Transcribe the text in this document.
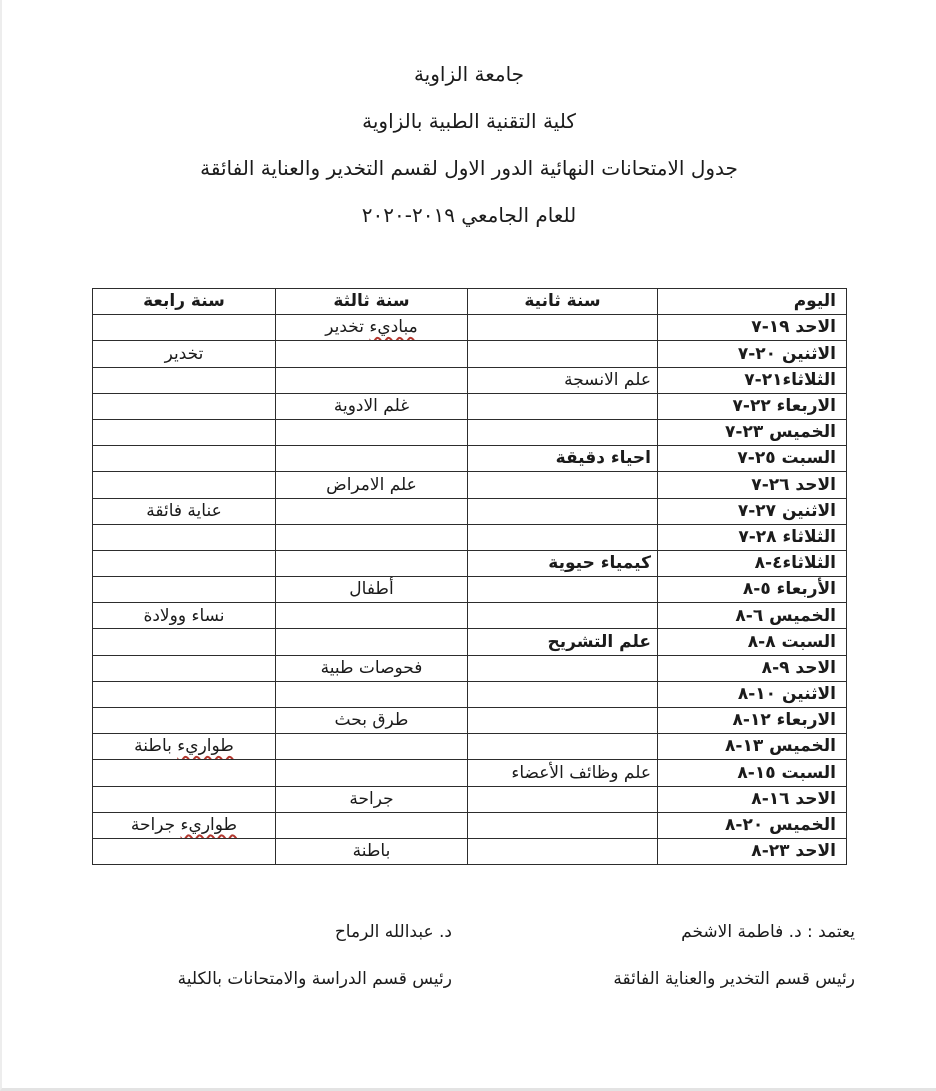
جامعة الزاوية
كلية التقنية الطبية بالزاوية
جدول الامتحانات النهائية الدور الاول لقسم التخدير والعناية الفائقة
للعام الجامعي ٢٠١٩-٢٠٢٠
اليوم	سنة ثانية	سنة ثالثة	سنة رابعة
الاحد ١٩-٧		مباديء تخدير	
الاثنين ٢٠-٧			تخدير
الثلاثاء٢١-٧	علم الانسجة		
الاربعاء ٢٢-٧		غلم الادوية	
الخميس ٢٣-٧			
السبت ٢٥-٧	احياء دقيقة		
الاحد ٢٦-٧		علم الامراض	
الاثنين ٢٧-٧			عناية فائقة
الثلاثاء ٢٨-٧			
الثلاثاء٤-٨	كيمياء حيوية		
الأربعاء ٥-٨		أطفال	
الخميس ٦-٨			نساء وولادة
السبت ٨-٨	علم التشريح		
الاحد ٩-٨		فحوصات طبية	
الاثنين ١٠-٨			
الاربعاء ١٢-٨		طرق بحث	
الخميس ١٣-٨			طواريء باطنة
السبت ١٥-٨	علم وظائف الأعضاء		
الاحد ١٦-٨		جراحة	
الخميس ٢٠-٨			طواريء جراحة
الاحد ٢٣-٨		باطنة	
يعتمد : د. فاطمة الاشخم
رئيس قسم التخدير والعناية الفائقة
د. عبدالله الرماح
رئيس قسم الدراسة والامتحانات بالكلية
